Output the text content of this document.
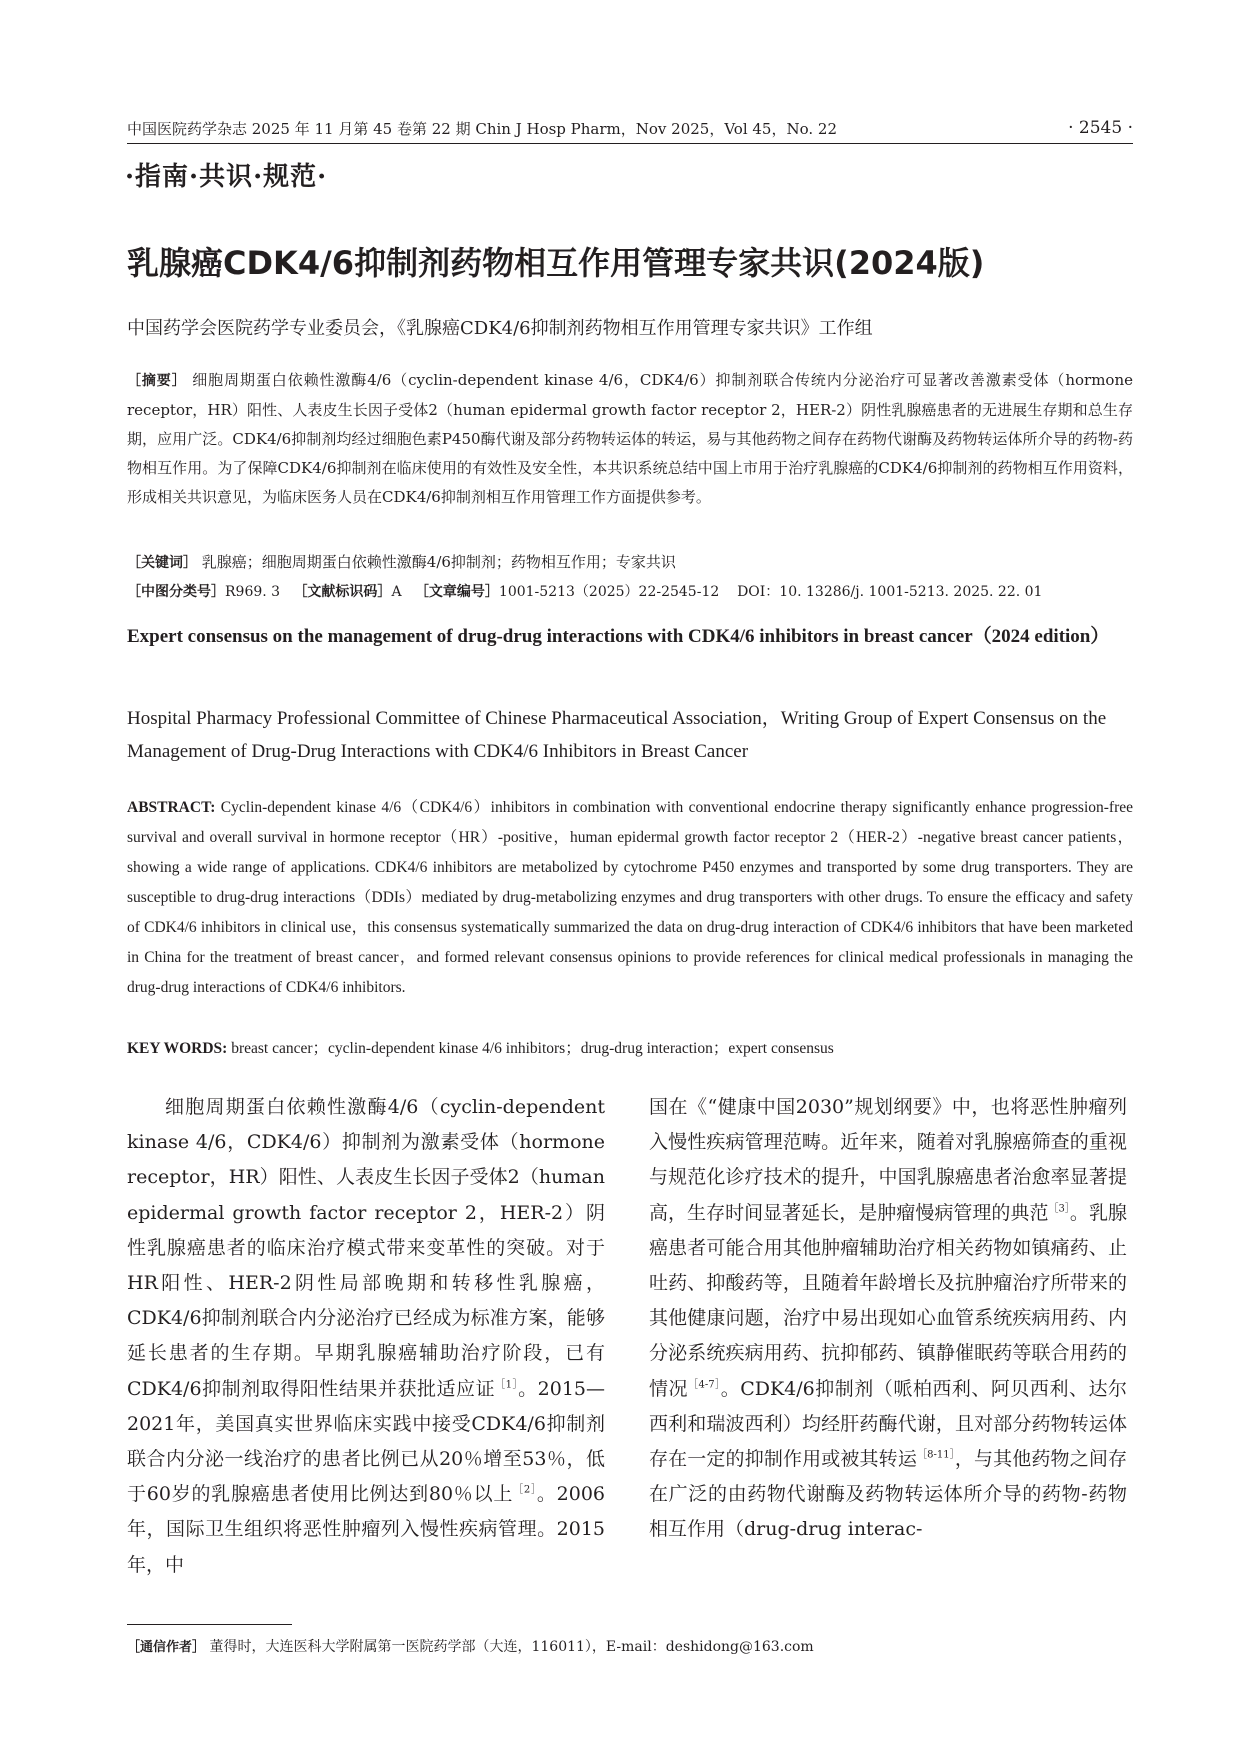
中国医院药学杂志 2025 年 11 月第 45 卷第 22 期 Chin J Hosp Pharm，Nov 2025，Vol 45，No. 22	· 2545 ·
·指南·共识·规范·
乳腺癌CDK4/6抑制剂药物相互作用管理专家共识(2024版)
中国药学会医院药学专业委员会，《乳腺癌CDK4/6抑制剂药物相互作用管理专家共识》工作组
［摘要］ 细胞周期蛋白依赖性激酶4/6（cyclin-dependent kinase 4/6，CDK4/6）抑制剂联合传统内分泌治疗可显著改善激素受体（hormone receptor，HR）阳性、人表皮生长因子受体2（human epidermal growth factor receptor 2，HER-2）阴性乳腺癌患者的无进展生存期和总生存期，应用广泛。CDK4/6抑制剂均经过细胞色素P450酶代谢及部分药物转运体的转运，易与其他药物之间存在药物代谢酶及药物转运体所介导的药物-药物相互作用。为了保障CDK4/6抑制剂在临床使用的有效性及安全性，本共识系统总结中国上市用于治疗乳腺癌的CDK4/6抑制剂的药物相互作用资料，形成相关共识意见，为临床医务人员在CDK4/6抑制剂相互作用管理工作方面提供参考。
［关键词］ 乳腺癌；细胞周期蛋白依赖性激酶4/6抑制剂；药物相互作用；专家共识
［中图分类号］R969. 3 ［文献标识码］A ［文章编号］1001-5213（2025）22-2545-12 DOI：10. 13286/j. 1001-5213. 2025. 22. 01
Expert consensus on the management of drug-drug interactions with CDK4/6 inhibitors in breast cancer（2024 edition）
Hospital Pharmacy Professional Committee of Chinese Pharmaceutical Association，Writing Group of Expert Consensus on the Management of Drug-Drug Interactions with CDK4/6 Inhibitors in Breast Cancer
ABSTRACT: Cyclin-dependent kinase 4/6（CDK4/6）inhibitors in combination with conventional endocrine therapy significantly enhance progression-free survival and overall survival in hormone receptor（HR）-positive，human epidermal growth factor receptor 2（HER-2）-negative breast cancer patients，showing a wide range of applications. CDK4/6 inhibitors are metabolized by cytochrome P450 enzymes and transported by some drug transporters. They are susceptible to drug-drug interactions（DDIs）mediated by drug-metabolizing enzymes and drug transporters with other drugs. To ensure the efficacy and safety of CDK4/6 inhibitors in clinical use，this consensus systematically summarized the data on drug-drug interaction of CDK4/6 inhibitors that have been marketed in China for the treatment of breast cancer，and formed relevant consensus opinions to provide references for clinical medical professionals in managing the drug-drug interactions of CDK4/6 inhibitors.
KEY WORDS: breast cancer；cyclin-dependent kinase 4/6 inhibitors；drug-drug interaction；expert consensus

细胞周期蛋白依赖性激酶4/6（cyclin-dependent kinase 4/6，CDK4/6）抑制剂为激素受体（hormone receptor，HR）阳性、人表皮生长因子受体2（human epidermal growth factor receptor 2，HER-2）阴性乳腺癌患者的临床治疗模式带来变革性的突破。对于HR阳性、HER-2阴性局部晚期和转移性乳腺癌，CDK4/6抑制剂联合内分泌治疗已经成为标准方案，能够延长患者的生存期。早期乳腺癌辅助治疗阶段，已有CDK4/6抑制剂取得阳性结果并获批适应证$^{[1]}$。2015—2021年，美国真实世界临床实践中接受CDK4/6抑制剂联合内分泌一线治疗的患者比例已从20％增至53％，低于60岁的乳腺癌患者使用比例达到80％以上$^{[2]}$。2006年，国际卫生组织将恶性肿瘤列入慢性疾病管理。2015年，中

国在《“健康中国2030”规划纲要》中，也将恶性肿瘤列入慢性疾病管理范畴。近年来，随着对乳腺癌筛查的重视与规范化诊疗技术的提升，中国乳腺癌患者治愈率显著提高，生存时间显著延长，是肿瘤慢病管理的典范$^{[3]}$。乳腺癌患者可能合用其他肿瘤辅助治疗相关药物如镇痛药、止吐药、抑酸药等，且随着年龄增长及抗肿瘤治疗所带来的其他健康问题，治疗中易出现如心血管系统疾病用药、内分泌系统疾病用药、抗抑郁药、镇静催眠药等联合用药的情况$^{[4-7]}$。CDK4/6抑制剂（哌柏西利、阿贝西利、达尔西利和瑞波西利）均经肝药酶代谢，且对部分药物转运体存在一定的抑制作用或被其转运$^{[8-11]}$，与其他药物之间存在广泛的由药物代谢酶及药物转运体所介导的药物-药物相互作用（drug-drug interac-

［通信作者］ 董得时，大连医科大学附属第一医院药学部（大连，116011），E-mail：deshidong@163.com
